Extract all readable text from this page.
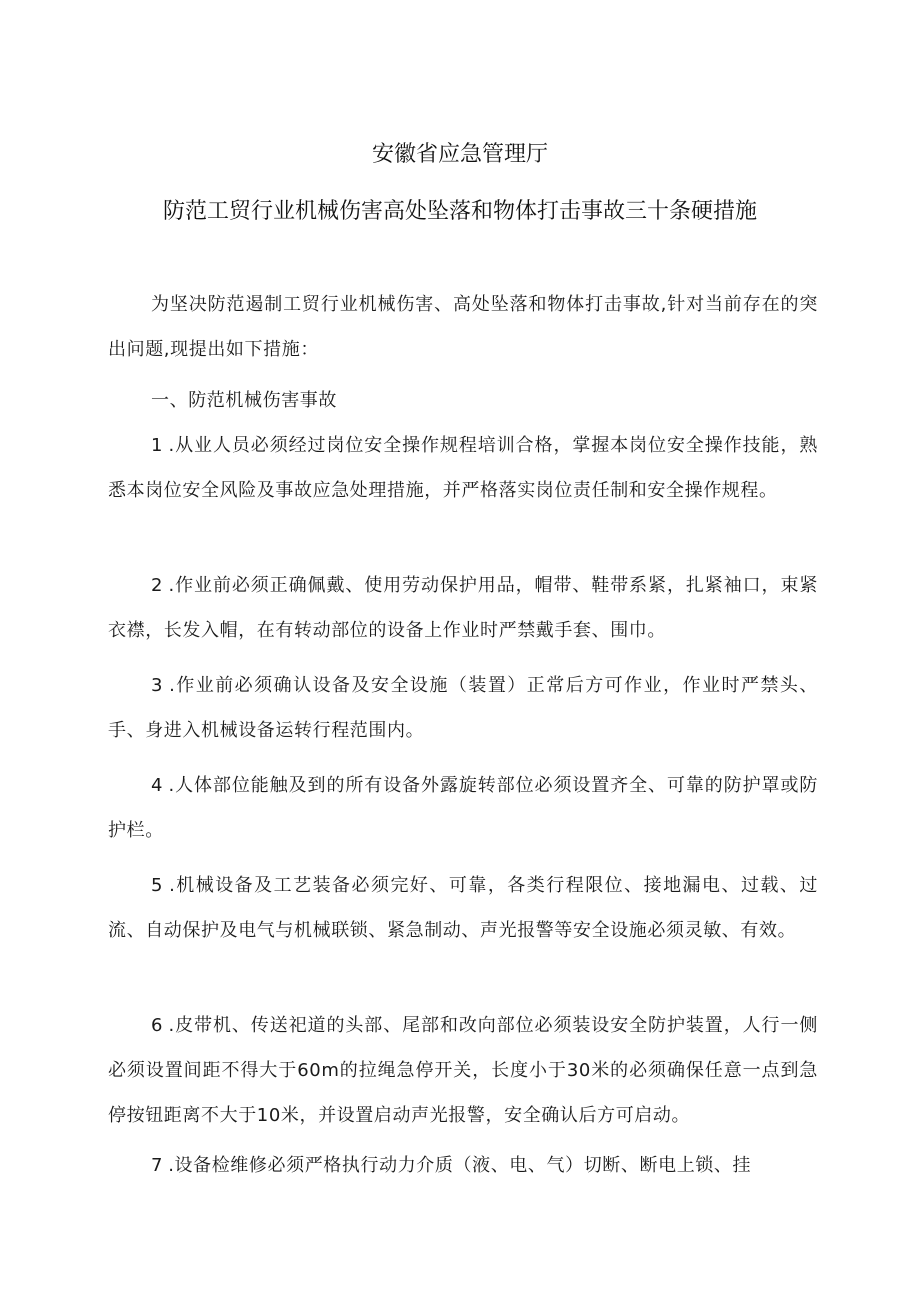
安徽省应急管理厅
防范工贸行业机械伤害高处坠落和物体打击事故三十条硬措施

为坚决防范遏制工贸行业机械伤害、高处坠落和物体打击事故,针对当前存在的突出问题,现提出如下措施：

一、防范机械伤害事故

1 .从业人员必须经过岗位安全操作规程培训合格，掌握本岗位安全操作技能，熟悉本岗位安全风险及事故应急处理措施，并严格落实岗位责任制和安全操作规程。

2 .作业前必须正确佩戴、使用劳动保护用品，帽带、鞋带系紧，扎紧袖口，束紧衣襟，长发入帽，在有转动部位的设备上作业时严禁戴手套、围巾。

3 .作业前必须确认设备及安全设施（装置）正常后方可作业，作业时严禁头、手、身进入机械设备运转行程范围内。

4 .人体部位能触及到的所有设备外露旋转部位必须设置齐全、可靠的防护罩或防护栏。

5 .机械设备及工艺装备必须完好、可靠，各类行程限位、接地漏电、过载、过流、自动保护及电气与机械联锁、紧急制动、声光报警等安全设施必须灵敏、有效。

6 .皮带机、传送祀道的头部、尾部和改向部位必须装设安全防护装置，人行一侧必须设置间距不得大于60m的拉绳急停开关，长度小于30米的必须确保任意一点到急停按钮距离不大于10米，并设置启动声光报警，安全确认后方可启动。

7 .设备检维修必须严格执行动力介质（液、电、气）切断、断电上锁、挂
